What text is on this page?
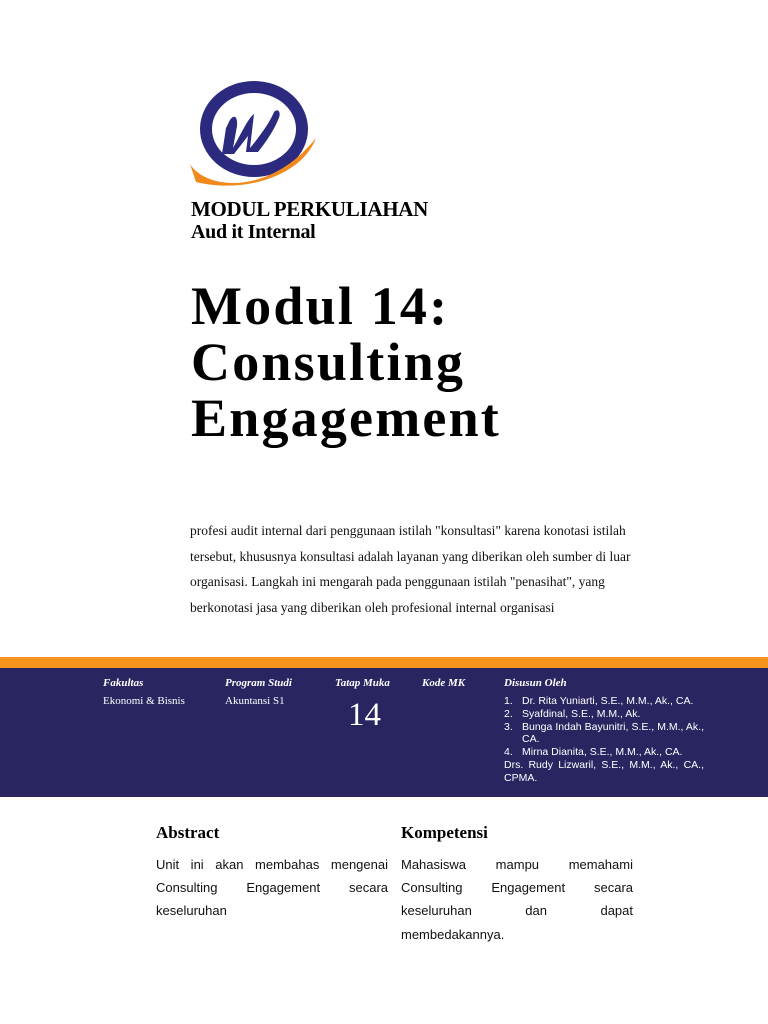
MODUL PERKULIAHAN
Aud it Internal
Modul 14:
Consulting
Engagement
profesi audit internal dari penggunaan istilah "konsultasi" karena konotasi istilah tersebut, khususnya konsultasi adalah layanan yang diberikan oleh sumber di luar organisasi. Langkah ini mengarah pada penggunaan istilah "penasihat", yang berkonotasi jasa yang diberikan oleh profesional internal organisasi
Fakultas
Ekonomi & Bisnis
Program Studi
Akuntansi S1
Tatap Muka
14
Kode MK	Disusun Oleh
1. Dr. Rita Yuniarti, S.E., M.M., Ak., CA.
2. Syafdinal, S.E., M.M., Ak.
3. Bunga Indah Bayunitri, S.E., M.M., Ak., CA.
4. Mirna Dianita, S.E., M.M., Ak., CA.
Drs. Rudy Lizwaril, S.E., M.M., Ak., CA., CPMA.
Abstract
Unit ini akan membahas mengenai Consulting Engagement secara keseluruhan
Kompetensi
Mahasiswa mampu memahami Consulting Engagement secara keseluruhan dan dapat membedakannya.
